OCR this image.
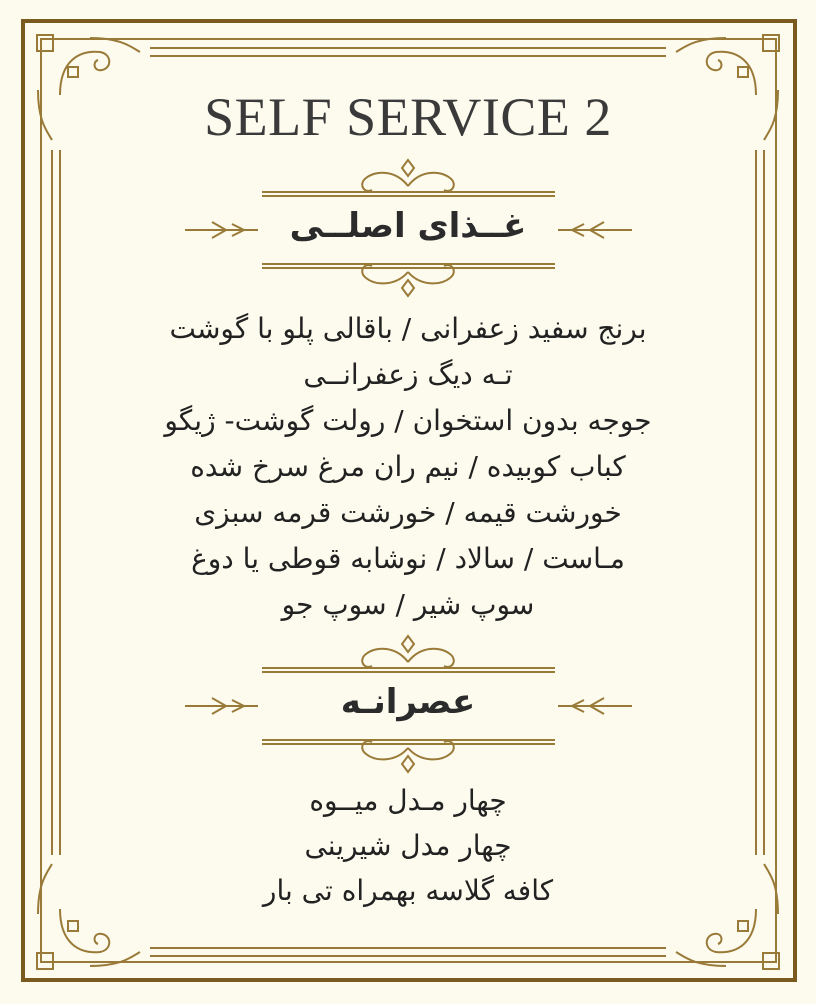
SELF SERVICE 2
غــذای اصلــی
برنج سفید زعفرانی / باقالی پلو با گوشت
تـه دیگ زعفرانــی
جوجه بدون استخوان / رولت گوشت- ژیگو
کباب کوبیده / نیم ران مرغ سرخ شده
خورشت قیمه / خورشت قرمه سبزی
مـاست / سالاد / نوشابه قوطی یا دوغ
سوپ شیر / سوپ جو
عصرانـه
چهار مـدل میــوه
چهار مدل شیرینی
کافه گلاسه بهمراه تی بار
